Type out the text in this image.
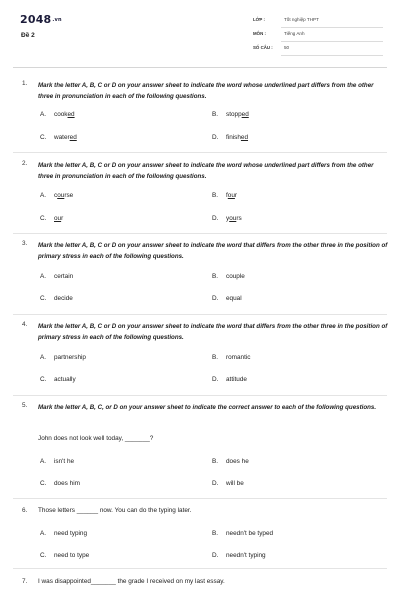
2048.vn
Đề 2
LỚP :	Tốt nghiệp THPT
MÔN :	Tiếng Anh
SỐ CÂU : 50
1. Mark the letter A, B, C or D on your answer sheet to indicate the word whose underlined part differs from the other three in pronunciation in each of the following questions.
A. cooked	B. stopped
C. watered	D. finished
2. Mark the letter A, B, C or D on your answer sheet to indicate the word whose underlined part differs from the other three in pronunciation in each of the following questions.
A. course	B. four
C. our	D. yours
3. Mark the letter A, B, C or D on your answer sheet to indicate the word that differs from the other three in the position of primary stress in each of the following questions.
A. certain	B. couple
C. decide	D. equal
4. Mark the letter A, B, C or D on your answer sheet to indicate the word that differs from the other three in the position of primary stress in each of the following questions.
A. partnership	B. romantic
C. actually	D. attitude
5. Mark the letter A, B, C, or D on your answer sheet to indicate the correct answer to each of the following questions.
John does not look well today, _______?
A. isn't he	B. does he
C. does him	D. will be
6. Those letters ______ now. You can do the typing later.
A. need typing	B. needn't be typed
C. need to type	D. needn't typing
7. I was disappointed_______ the grade I received on my last essay.
